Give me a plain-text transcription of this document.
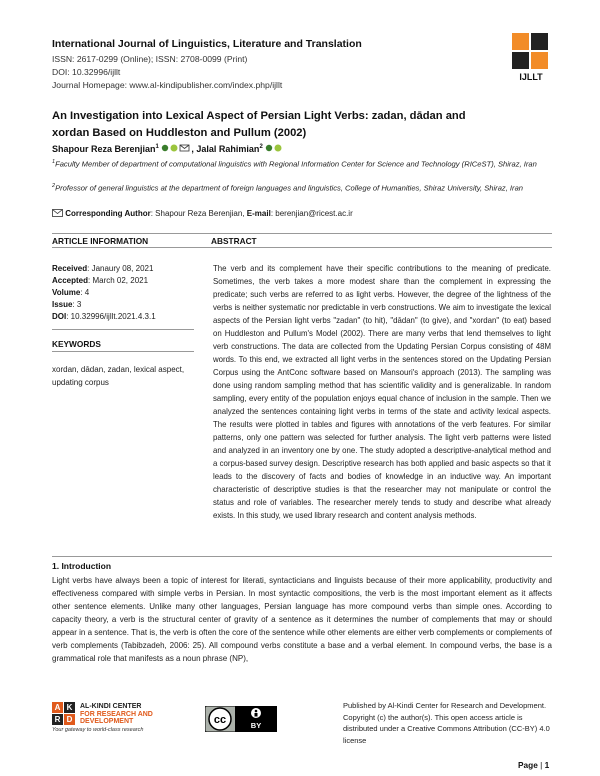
International Journal of Linguistics, Literature and Translation
ISSN: 2617-0299 (Online); ISSN: 2708-0099 (Print)
DOI: 10.32996/ijllt
Journal Homepage: www.al-kindipublisher.com/index.php/ijllt
IJLLT
An Investigation into Lexical Aspect of Persian Light Verbs: zadan, dādan and xordan Based on Huddleston and Pullum (2002)
Shapour Reza Berenjian$^1$	, Jalal Rahimian$^2$
$^1$Faculty Member of department of computational linguistics with Regional Information Center for Science and Technology (RICeST), Shiraz, Iran
$^2$Professor of general linguistics at the department of foreign languages and linguistics, College of Humanities, Shiraz University, Shiraz, Iran
Corresponding Author: Shapour Reza Berenjian, E-mail: berenjian@ricest.ac.ir
ARTICLE INFORMATION	ABSTRACT
Received: Janaury 08, 2021
Accepted: March 02, 2021
Volume: 4
Issue: 3
DOI: 10.32996/ijllt.2021.4.3.1
KEYWORDS
xordan, dādan, zadan, lexical aspect, updating corpus
The verb and its complement have their specific contributions to the meaning of predicate. Sometimes, the verb takes a more modest share than the complement in expressing the predicate; such verbs are referred to as light verbs. However, the degree of the lightness of the verbs is neither systematic nor predictable in verb constructions. We aim to investigate the lexical aspects of the Persian light verbs "zadan" (to hit), "dādan" (to give), and "xordan" (to eat) based on Huddleston and Pullum's Model (2002). There are many verbs that lend themselves to light verb constructions. The data are collected from the Updating Persian Corpus consisting of 48M words. To this end, we extracted all light verbs in the sentences stored on the Updating Persian Corpus using the AntConc software based on Mansouri's approach (2013). The sampling was done using random sampling method that has scientific validity and is generalizable. In random sampling, every entity of the population enjoys equal chance of inclusion in the sample. Then we analyzed the sentences containing light verbs in terms of the state and activity lexical aspects. The results were plotted in tables and figures with annotations of the verb features. For similar patterns, only one pattern was selected for further analysis. The light verb patterns were listed and analyzed in an inventory one by one. The study adopted a descriptive-analytical method and a corpus-based survey design. Descriptive research has both applied and basic aspects so that it leads to the discovery of facts and bodies of knowledge in an inductive way. An important characteristic of descriptive studies is that the researcher may not manipulate or control the status and role of variables. The researcher merely tends to study and describe what already exists. In this study, we used library research and content analysis methods.
1. Introduction
Light verbs have always been a topic of interest for literati, syntacticians and linguists because of their more applicability, productivity and effectiveness compared with simple verbs in Persian. In most syntactic compositions, the verb is the most important element as it affects other sentence elements. Unlike many other languages, Persian language has more compound verbs than simple ones. According to capacity theory, a verb is the structural center of gravity of a sentence as it determines the number of complements that may or should appear in a sentence. That is, the verb is often the core of the sentence while other elements are either verb complements or complements of verb complements (Tabibzadeh, 2006: 25). All compound verbs constitute a base and a verbal element. In compound verbs, the base is a grammatical role that manifests as a noun phrase (NP),
A K
R D
AL-KINDI CENTER
FOR RESEARCH AND
DEVELOPMENT
Your gateway to world-class research
cc	BY
Published by Al-Kindi Center for Research and Development. Copyright (c) the author(s). This open access article is distributed under a Creative Commons Attribution (CC-BY) 4.0 license
Page | 1
